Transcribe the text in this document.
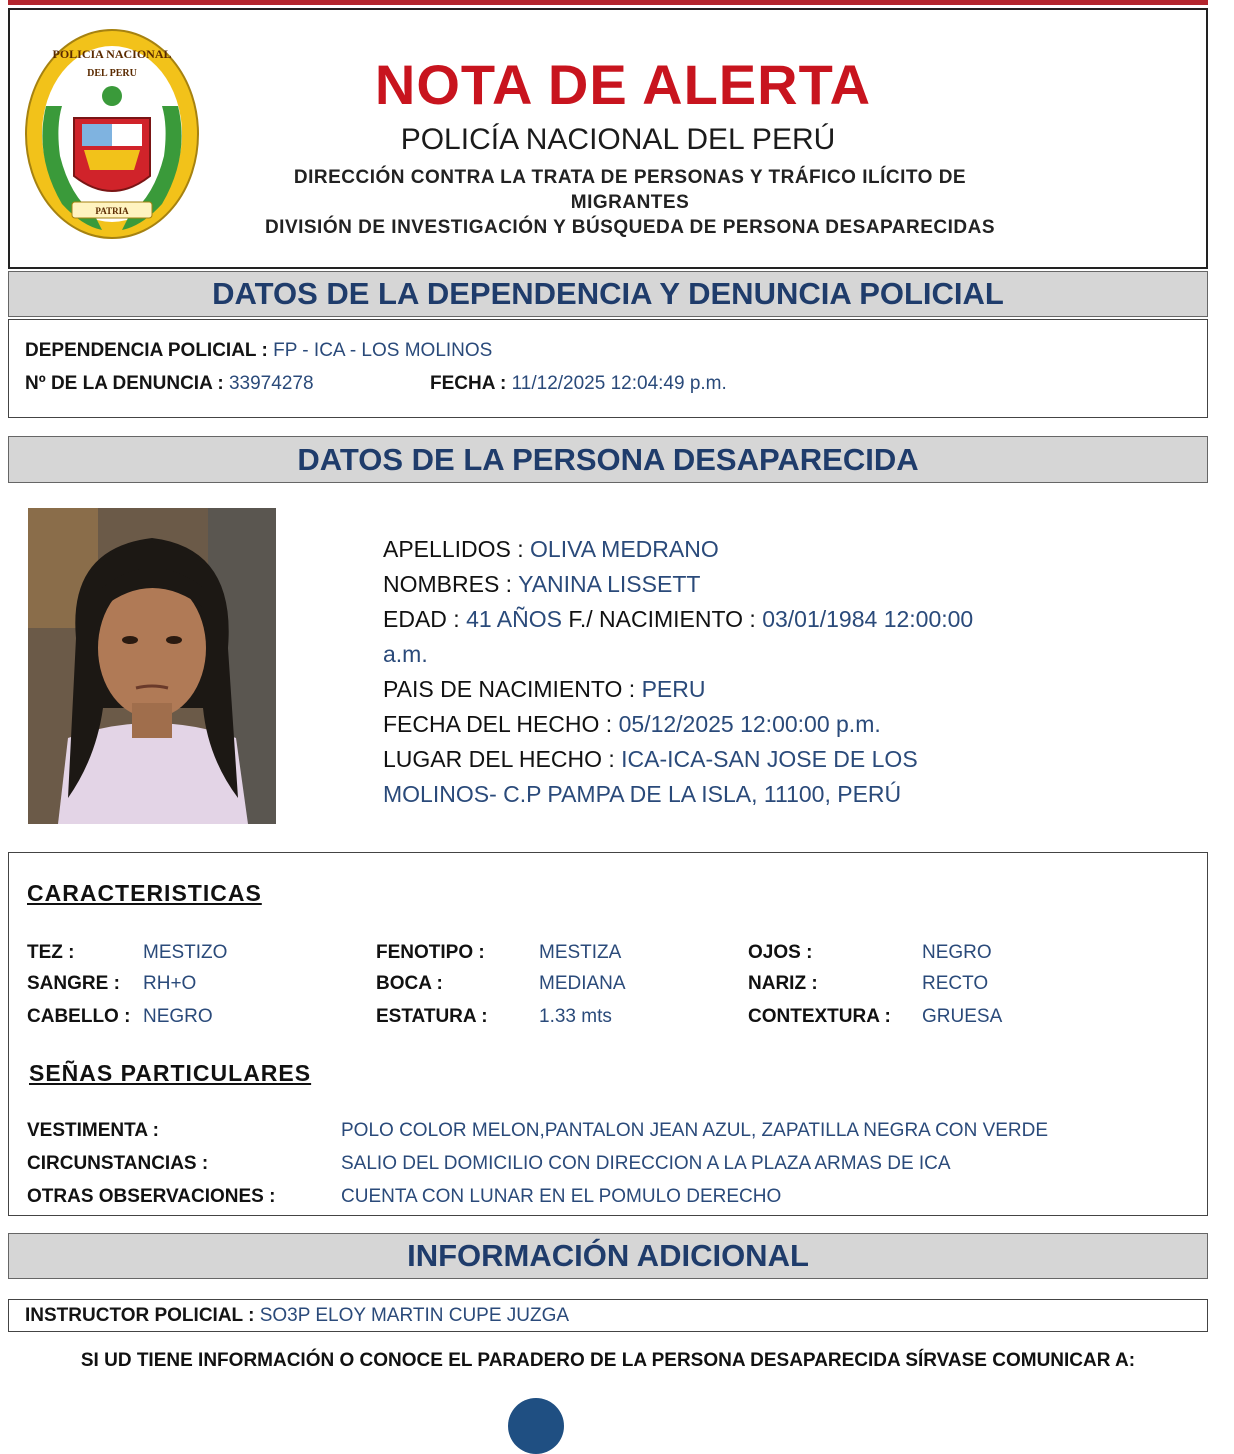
POLICIA NACIONAL
DEL PERU
PATRIA
NOTA DE ALERTA
POLICÍA NACIONAL DEL PERÚ
DIRECCIÓN CONTRA LA TRATA DE PERSONAS Y TRÁFICO ILÍCITO DE
MIGRANTES
DIVISIÓN DE INVESTIGACIÓN Y BÚSQUEDA DE PERSONA DESAPARECIDAS
DATOS DE LA DEPENDENCIA Y DENUNCIA POLICIAL
DEPENDENCIA POLICIAL : FP - ICA - LOS MOLINOS
Nº DE LA DENUNCIA : 33974278	FECHA : 11/12/2025 12:04:49 p.m.
DATOS DE LA PERSONA DESAPARECIDA
APELLIDOS : OLIVA MEDRANO
NOMBRES : YANINA LISSETT
EDAD : 41 AÑOS F./ NACIMIENTO : 03/01/1984 12:00:00
a.m.
PAIS DE NACIMIENTO : PERU
FECHA DEL HECHO : 05/12/2025 12:00:00 p.m.
LUGAR DEL HECHO : ICA-ICA-SAN JOSE DE LOS
MOLINOS- C.P PAMPA DE LA ISLA, 11100, PERÚ
CARACTERISTICAS
TEZ :	MESTIZO	FENOTIPO :	MESTIZA	OJOS :	NEGRO
SANGRE : RH+O	BOCA :	MEDIANA	NARIZ :	RECTO
CABELLO : NEGRO	ESTATURA :	1.33 mts	CONTEXTURA : GRUESA
SEÑAS PARTICULARES
VESTIMENTA :	POLO COLOR MELON,PANTALON JEAN AZUL, ZAPATILLA NEGRA CON VERDE
CIRCUNSTANCIAS :	SALIO DEL DOMICILIO CON DIRECCION A LA PLAZA ARMAS DE ICA
OTRAS OBSERVACIONES :	CUENTA CON LUNAR EN EL POMULO DERECHO
INFORMACIÓN ADICIONAL
INSTRUCTOR POLICIAL : SO3P ELOY MARTIN CUPE JUZGA
SI UD TIENE INFORMACIÓN O CONOCE EL PARADERO DE LA PERSONA DESAPARECIDA SÍRVASE COMUNICAR A:
